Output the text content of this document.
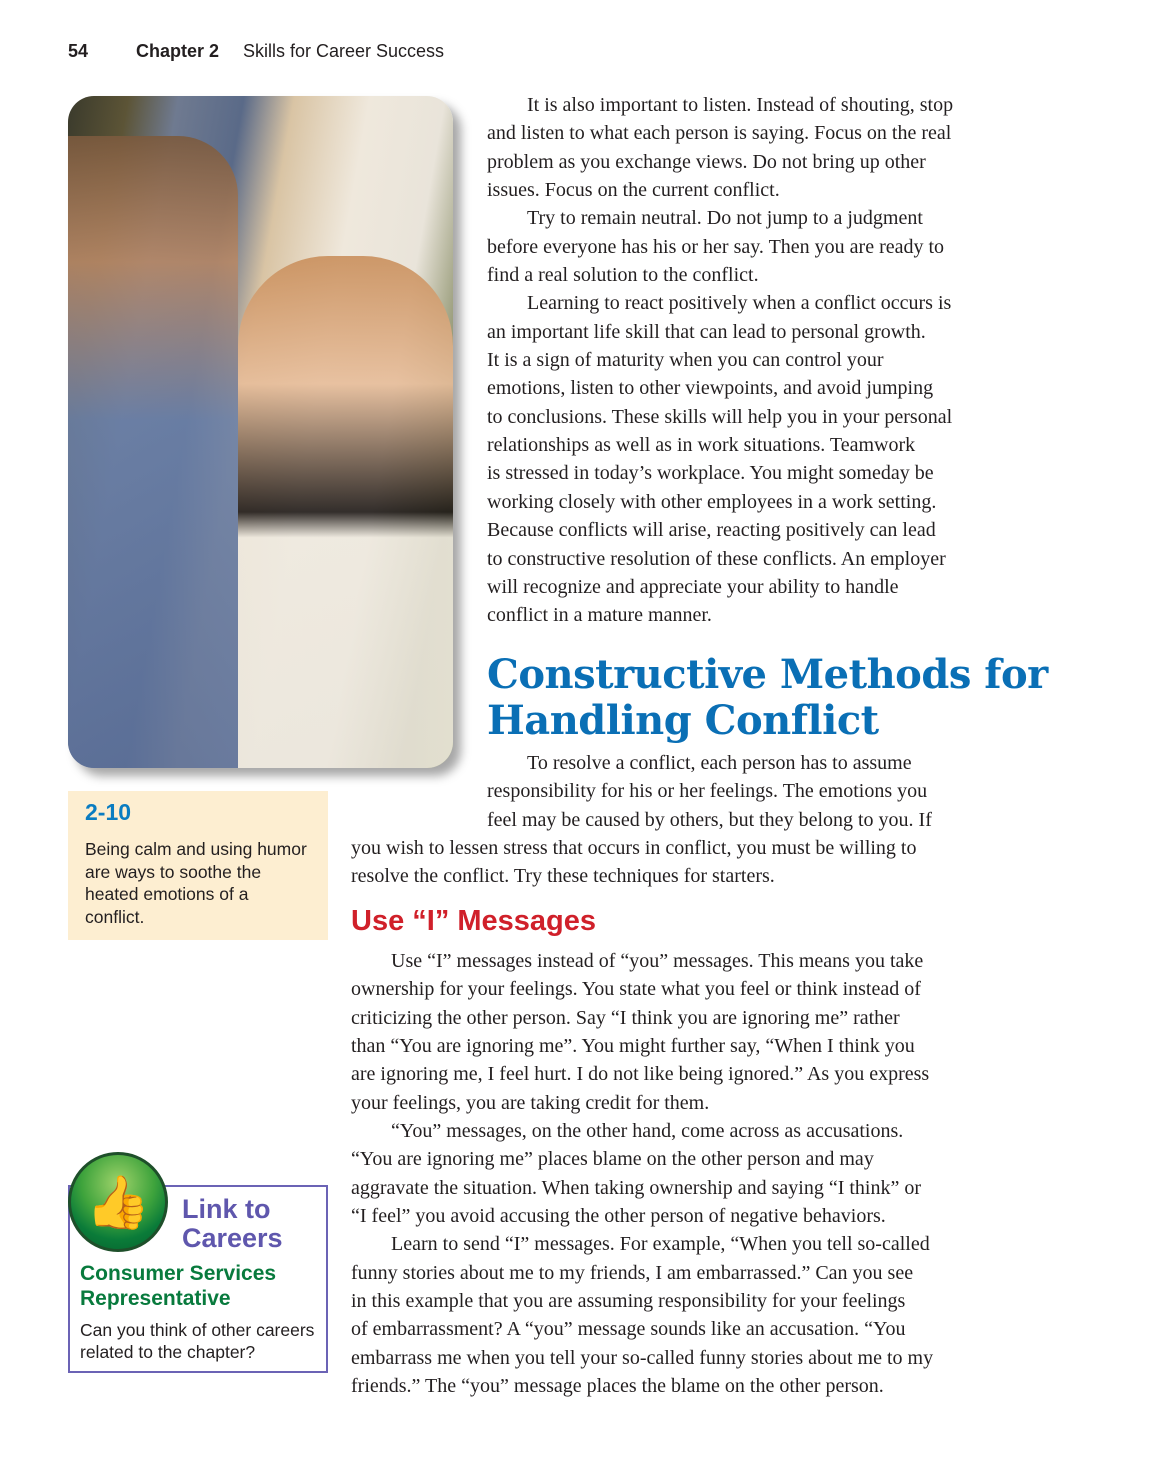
54	Chapter 2 Skills for Career Success
2-10
Being calm and using humor are ways to soothe the heated emotions of a conflict.
Link to
Careers
Consumer Services
Representative
Can you think of other careers
related to the chapter?
👍
It is also important to listen. Instead of shouting, stop
and listen to what each person is saying. Focus on the real
problem as you exchange views. Do not bring up other
issues. Focus on the current conflict.
Try to remain neutral. Do not jump to a judgment
before everyone has his or her say. Then you are ready to
find a real solution to the conflict.
Learning to react positively when a conflict occurs is
an important life skill that can lead to personal growth.
It is a sign of maturity when you can control your
emotions, listen to other viewpoints, and avoid jumping
to conclusions. These skills will help you in your personal
relationships as well as in work situations. Teamwork
is stressed in today’s workplace. You might someday be
working closely with other employees in a work setting.
Because conflicts will arise, reacting positively can lead
to constructive resolution of these conflicts. An employer
will recognize and appreciate your ability to handle
conflict in a mature manner.
Constructive Methods for
Handling Conflict
To resolve a conflict, each person has to assume
responsibility for his or her feelings. The emotions you
feel may be caused by others, but they belong to you. If
you wish to lessen stress that occurs in conflict, you must be willing to
resolve the conflict. Try these techniques for starters.
Use “I” Messages
Use “I” messages instead of “you” messages. This means you take
ownership for your feelings. You state what you feel or think instead of
criticizing the other person. Say “I think you are ignoring me” rather
than “You are ignoring me”. You might further say, “When I think you
are ignoring me, I feel hurt. I do not like being ignored.” As you express
your feelings, you are taking credit for them.
“You” messages, on the other hand, come across as accusations.
“You are ignoring me” places blame on the other person and may
aggravate the situation. When taking ownership and saying “I think” or
“I feel” you avoid accusing the other person of negative behaviors.
Learn to send “I” messages. For example, “When you tell so-called
funny stories about me to my friends, I am embarrassed.” Can you see
in this example that you are assuming responsibility for your feelings
of embarrassment? A “you” message sounds like an accusation. “You
embarrass me when you tell your so-called funny stories about me to my
friends.” The “you” message places the blame on the other person.
